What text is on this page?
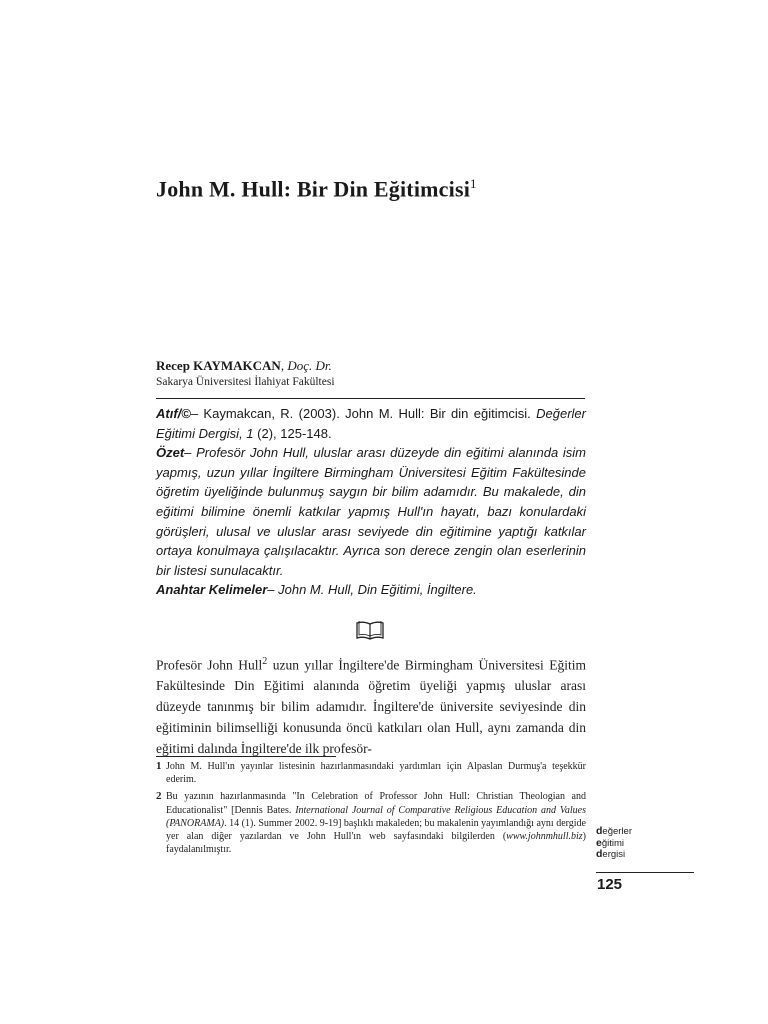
John M. Hull: Bir Din Eğitimcisi$^1$
Recep KAYMAKCAN, Doç. Dr.
Sakarya Üniversitesi İlahiyat Fakültesi
Atıf/©– Kaymakcan, R. (2003). John M. Hull: Bir din eğitimcisi. Değerler Eğitimi Dergisi, 1 (2), 125-148.
Özet– Profesör John Hull, uluslar arası düzeyde din eğitimi alanında isim yapmış, uzun yıllar İngiltere Birmingham Üniversitesi Eğitim Fakültesinde öğretim üyeliğinde bulunmuş saygın bir bilim adamıdır. Bu makalede, din eğitimi bilimine önemli katkılar yapmış Hull'ın hayatı, bazı konulardaki görüşleri, ulusal ve uluslar arası seviyede din eğitimine yaptığı katkılar ortaya konulmaya çalışılacaktır. Ayrıca son derece zengin olan eserlerinin bir listesi sunulacaktır.
Anahtar Kelimeler– John M. Hull, Din Eğitimi, İngiltere.
Profesör John Hull$^2$ uzun yıllar İngiltere'de Birmingham Üniversitesi Eğitim Fakültesinde Din Eğitimi alanında öğretim üyeliği yapmış uluslar arası düzeyde tanınmış bir bilim adamıdır. İngiltere'de üniversite seviyesinde din eğitiminin bilimselliği konusunda öncü katkıları olan Hull, aynı zamanda din eğitimi dalında İngiltere'de ilk profesör-
1 John M. Hull'ın yayınlar listesinin hazırlanmasındaki yardımları için Alpaslan Durmuş'a teşekkür ederim.
2 Bu yazının hazırlanmasında "In Celebration of Professor John Hull: Christian Theologian and Educationalist" [Dennis Bates. International Journal of Comparative Religious Education and Values (PANORAMA). 14 (1). Summer 2002. 9-19] başlıklı makaleden; bu makalenin yayımlandığı aynı dergide yer alan diğer yazılardan ve John Hull'ın web sayfasındaki bilgilerden (www.johnmhull.biz) faydalanılmıştır.
değerler
eğitimi
dergisi
125
